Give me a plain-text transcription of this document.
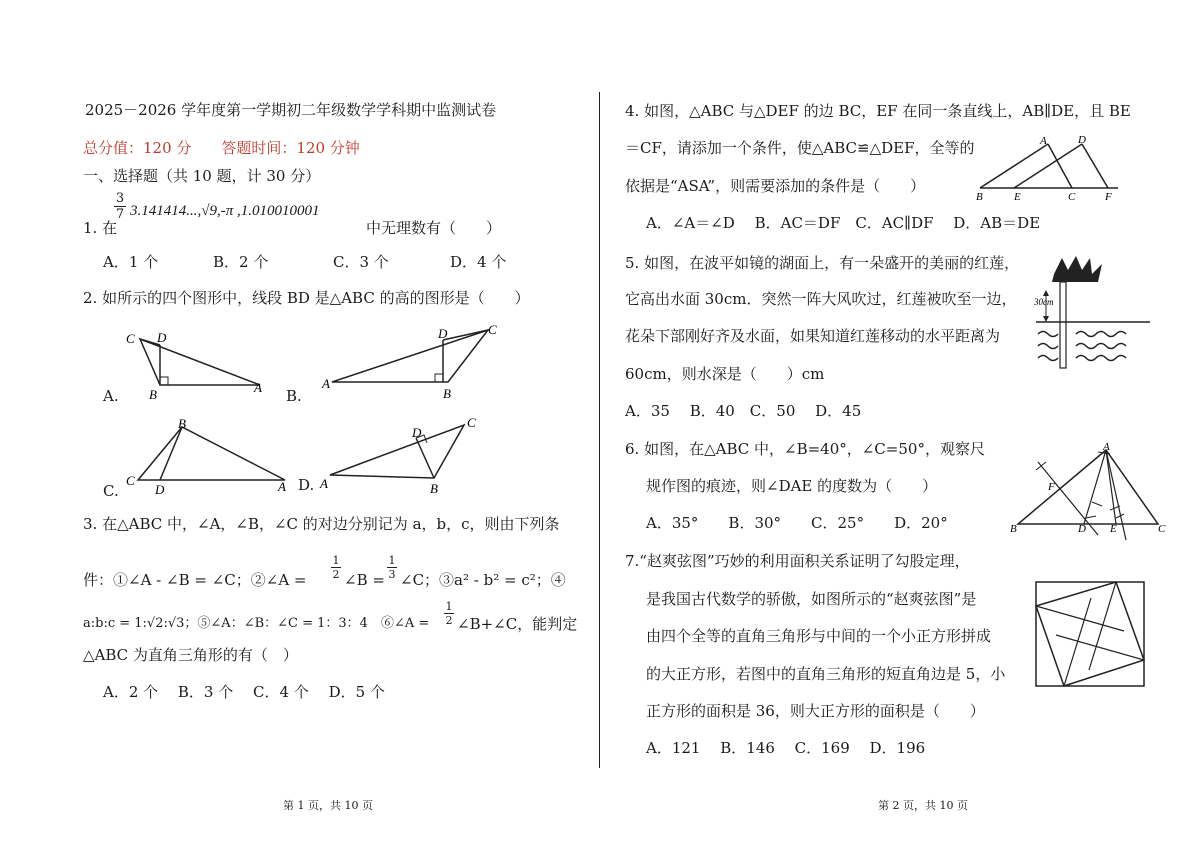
2025－2026 学年度第一学期初二年级数学学科期中监测试卷
总分值：120 分　　答题时间：120 分钟
一、选择题（共 10 题，计 30 分）
1. 在
$\frac{3}{7} 3.141414...,√9,-\pi$ ,1.010010001
中无理数有（　　）
A．1 个	B．2 个	C．3 个	D．4 个
2. 如所示的四个图形中，线段 BD 是△ABC 的高的图形是（　　）
A.	B.
C.	D.
C D
B	A	A
D
B
C
C
B
D	A	A
D
C
B
3. 在△ABC 中，∠A，∠B，∠C 的对边分别记为 a，b，c，则由下列条
件：①∠A - ∠B = ∠C；②∠A = $\frac{1}{2}$ ∠B = $\frac{1}{3}$ ∠C；③a² - b² = c²；④
a:b:c = 1:√2:√3；⑤∠A：∠B：∠C = 1：3：4　⑥∠A = $\frac{1}{2}$ ∠B+∠C，能判定
△ABC 为直角三角形的有（　）
A．2 个　 B．3 个　 C．4 个　 D．5 个
4. 如图，△ABC 与△DEF 的边 BC，EF 在同一条直线上，AB∥DE，且 BE
＝CF，请添加一个条件，使△ABC≌△DEF，全等的
依据是“ASA”，则需要添加的条件是（　　）
A．∠A＝∠D　 B．AC＝DF　C．AC∥DF　 D．AB＝DE
A	D
B	E	C	F
5. 如图，在波平如镜的湖面上，有一朵盛开的美丽的红莲，
它高出水面 30cm．突然一阵大风吹过，红莲被吹至一边，
花朵下部刚好齐及水面，如果知道红莲移动的水平距离为
60cm，则水深是（　　）cm
A．35　 B．40　C．50　 D．45
30cm
6. 如图，在△ABC 中，∠B=40°，∠C=50°，观察尺
规作图的痕迹，则∠DAE 的度数为（　　）
A．35°　　B．30°　　C．25°　　D．20°
A
B	C
D E
F
7.“赵爽弦图”巧妙的利用面积关系证明了勾股定理，
是我国古代数学的骄傲，如图所示的“赵爽弦图”是
由四个全等的直角三角形与中间的一个小正方形拼成
的大正方形，若图中的直角三角形的短直角边是 5，小
正方形的面积是 36，则大正方形的面积是（　　）
A．121　 B．146　 C．169　 D．196
第 1 页，共 10 页	第 2 页，共 10 页
